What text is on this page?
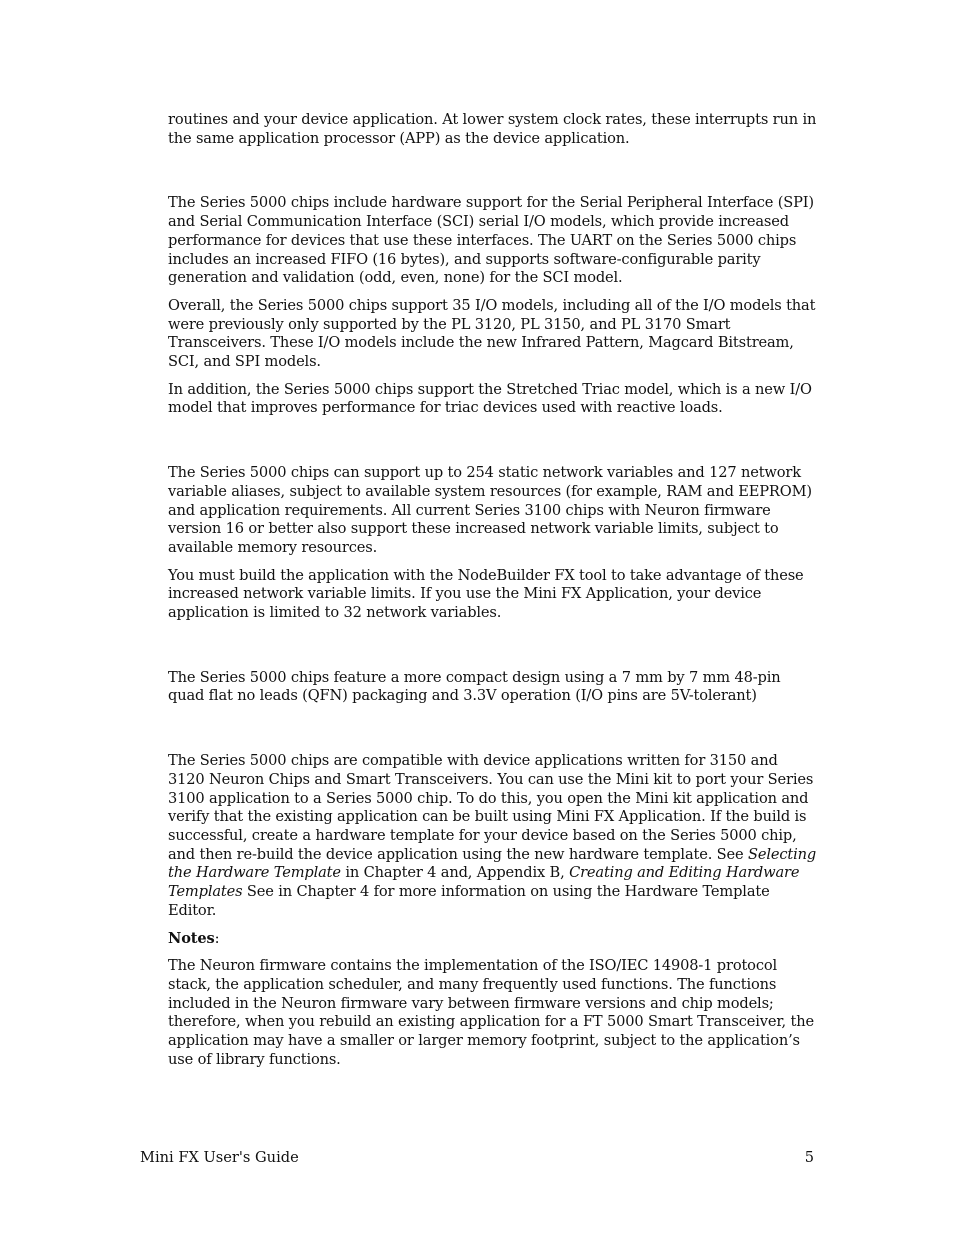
routines and your device application. At lower system clock rates, these interrupts run in the same application processor (APP) as the device application.

The Series 5000 chips include hardware support for the Serial Peripheral Interface (SPI) and Serial Communication Interface (SCI) serial I/O models, which provide increased performance for devices that use these interfaces. The UART on the Series 5000 chips includes an increased FIFO (16 bytes), and supports software-configurable parity generation and validation (odd, even, none) for the SCI model.

Overall, the Series 5000 chips support 35 I/O models, including all of the I/O models that were previously only supported by the PL 3120, PL 3150, and PL 3170 Smart Transceivers. These I/O models include the new Infrared Pattern, Magcard Bitstream, SCI, and SPI models.

In addition, the Series 5000 chips support the Stretched Triac model, which is a new I/O model that improves performance for triac devices used with reactive loads.

The Series 5000 chips can support up to 254 static network variables and 127 network variable aliases, subject to available system resources (for example, RAM and EEPROM) and application requirements. All current Series 3100 chips with Neuron firmware version 16 or better also support these increased network variable limits, subject to available memory resources.

You must build the application with the NodeBuilder FX tool to take advantage of these increased network variable limits. If you use the Mini FX Application, your device application is limited to 32 network variables.

The Series 5000 chips feature a more compact design using a 7 mm by 7 mm 48-pin quad flat no leads (QFN) packaging and 3.3V operation (I/O pins are 5V-tolerant)

The Series 5000 chips are compatible with device applications written for 3150 and 3120 Neuron Chips and Smart Transceivers. You can use the Mini kit to port your Series 3100 application to a Series 5000 chip. To do this, you open the Mini kit application and verify that the existing application can be built using Mini FX Application. If the build is successful, create a hardware template for your device based on the Series 5000 chip, and then re-build the device application using the new hardware template. See Selecting the Hardware Template in Chapter 4 and, Appendix B, Creating and Editing Hardware Templates See in Chapter 4 for more information on using the Hardware Template Editor.

Notes:

The Neuron firmware contains the implementation of the ISO/IEC 14908-1 protocol stack, the application scheduler, and many frequently used functions. The functions included in the Neuron firmware vary between firmware versions and chip models; therefore, when you rebuild an existing application for a FT 5000 Smart Transceiver, the application may have a smaller or larger memory footprint, subject to the application’s use of library functions.

Mini FX User's Guide	5
